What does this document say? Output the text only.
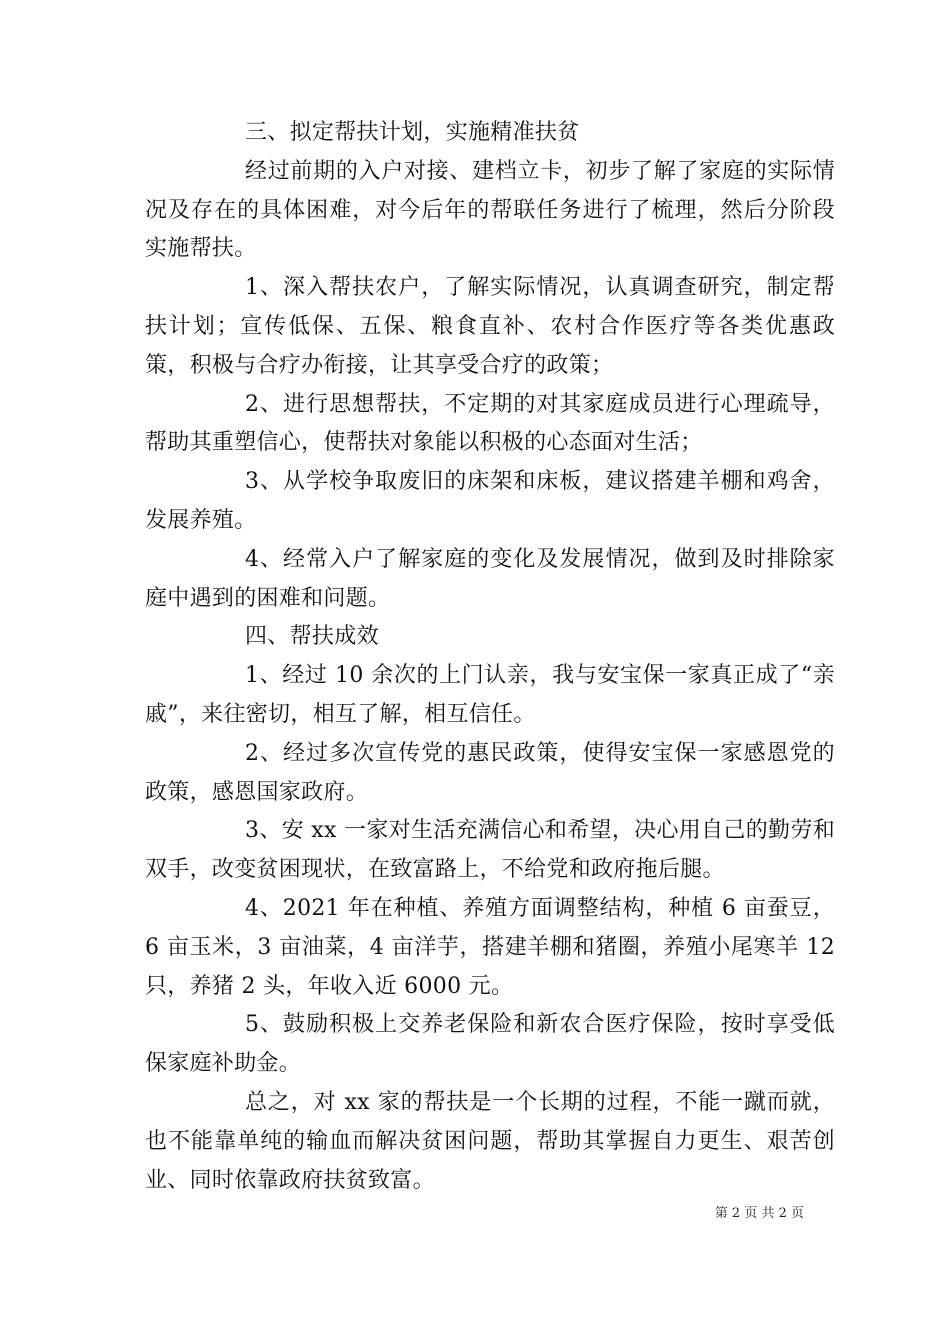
三、拟定帮扶计划，实施精准扶贫

经过前期的入户对接、建档立卡，初步了解了家庭的实际情况及存在的具体困难，对今后年的帮联任务进行了梳理，然后分阶段实施帮扶。

1、深入帮扶农户，了解实际情况，认真调查研究，制定帮扶计划；宣传低保、五保、粮食直补、农村合作医疗等各类优惠政策，积极与合疗办衔接，让其享受合疗的政策；

2、进行思想帮扶，不定期的对其家庭成员进行心理疏导，帮助其重塑信心，使帮扶对象能以积极的心态面对生活；

3、从学校争取废旧的床架和床板，建议搭建羊棚和鸡舍，发展养殖。

4、经常入户了解家庭的变化及发展情况，做到及时排除家庭中遇到的困难和问题。

四、帮扶成效

1、经过 10 余次的上门认亲，我与安宝保一家真正成了“亲戚”，来往密切，相互了解，相互信任。

2、经过多次宣传党的惠民政策，使得安宝保一家感恩党的政策，感恩国家政府。

3、安 xx 一家对生活充满信心和希望，决心用自己的勤劳和双手，改变贫困现状，在致富路上，不给党和政府拖后腿。

4、2021 年在种植、养殖方面调整结构，种植 6 亩蚕豆，6 亩玉米，3 亩油菜，4 亩洋芋，搭建羊棚和猪圈，养殖小尾寒羊 12 只，养猪 2 头，年收入近 6000 元。

5、鼓励积极上交养老保险和新农合医疗保险，按时享受低保家庭补助金。

总之，对 xx 家的帮扶是一个长期的过程，不能一蹴而就，也不能靠单纯的输血而解决贫困问题，帮助其掌握自力更生、艰苦创业、同时依靠政府扶贫致富。

第 2 页 共 2 页
